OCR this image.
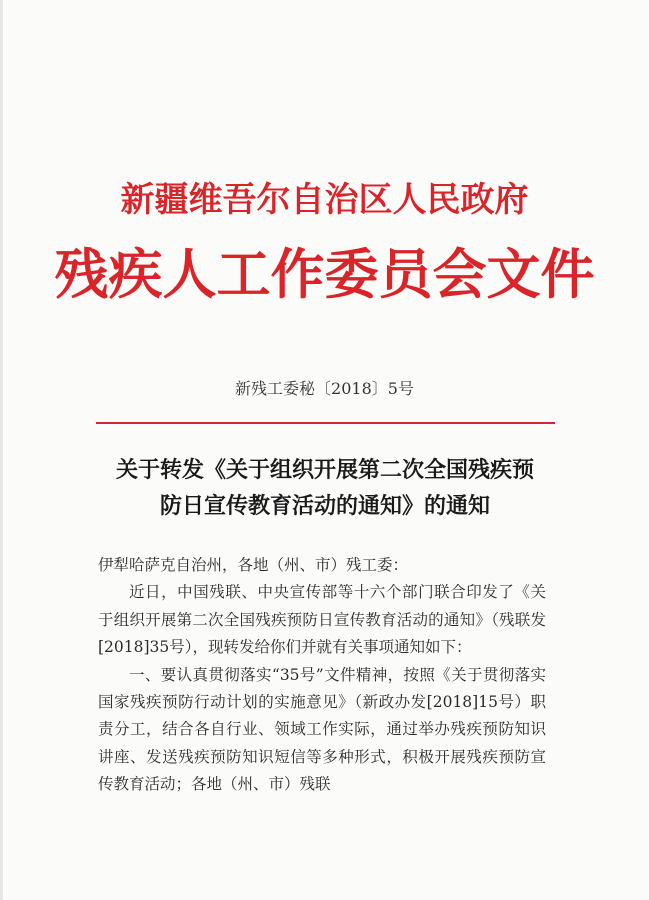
新疆维吾尔自治区人民政府
残疾人工作委员会文件
新残工委秘〔2018〕5号
关于转发《关于组织开展第二次全国残疾预
防日宣传教育活动的通知》的通知

伊犁哈萨克自治州，各地（州、市）残工委：

近日，中国残联、中央宣传部等十六个部门联合印发了《关于组织开展第二次全国残疾预防日宣传教育活动的通知》（残联发[2018]35号），现转发给你们并就有关事项通知如下：

一、要认真贯彻落实“35号”文件精神，按照《关于贯彻落实国家残疾预防行动计划的实施意见》（新政办发[2018]15号）职责分工，结合各自行业、领域工作实际，通过举办残疾预防知识讲座、发送残疾预防知识短信等多种形式，积极开展残疾预防宣传教育活动；各地（州、市）残联
